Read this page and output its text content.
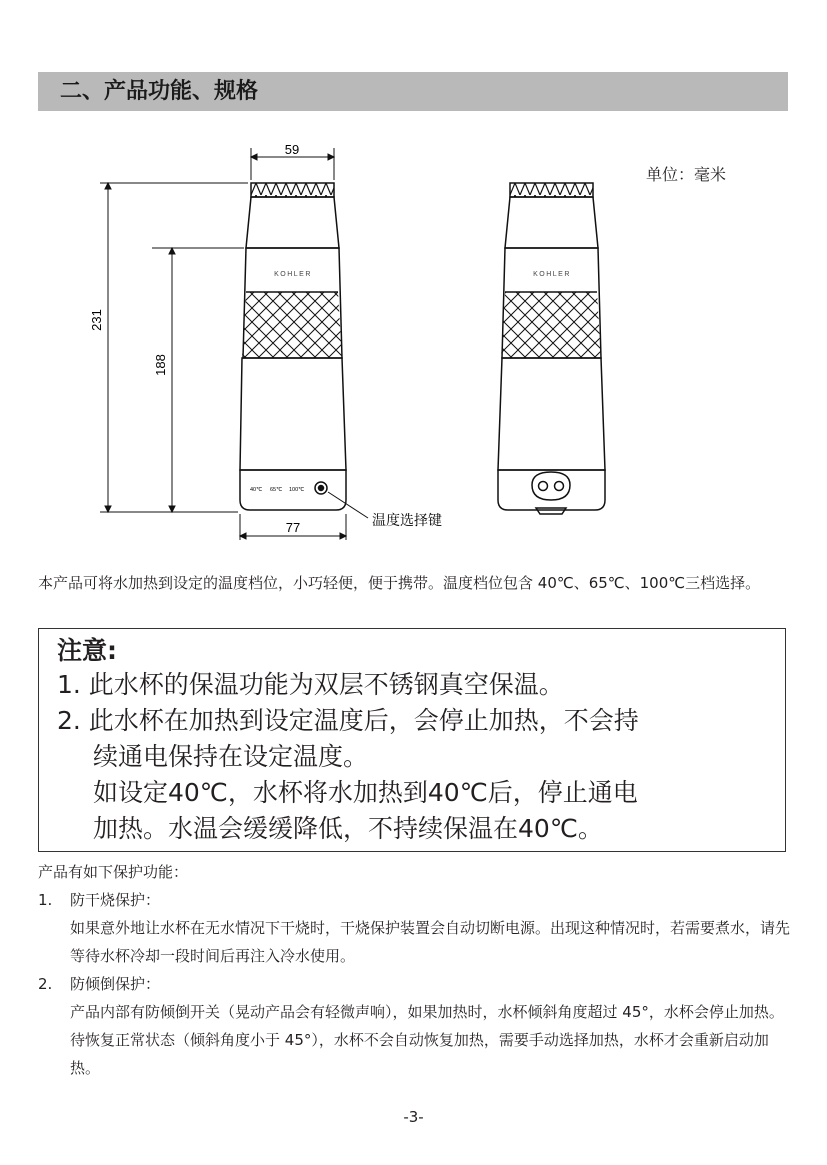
二、产品功能、规格
59
77
231
188
KOHLER	KOHLER
40℃ 65℃ 100℃
温度选择键
单位：毫米
本产品可将水加热到设定的温度档位，小巧轻便，便于携带。温度档位包含 40℃、65℃、100℃三档选择。
注意:
1. 此水杯的保温功能为双层不锈钢真空保温。
2. 此水杯在加热到设定温度后，会停止加热，不会持
续通电保持在设定温度。
如设定40℃，水杯将水加热到40℃后，停止通电
加热。水温会缓缓降低，不持续保温在40℃。
产品有如下保护功能：
1.	防干烧保护：
如果意外地让水杯在无水情况下干烧时，干烧保护装置会自动切断电源。出现这种情况时，若需要煮水，请先等待水杯冷却一段时间后再注入冷水使用。
2.	防倾倒保护：
产品内部有防倾倒开关（晃动产品会有轻微声响），如果加热时，水杯倾斜角度超过 45°，水杯会停止加热。待恢复正常状态（倾斜角度小于 45°），水杯不会自动恢复加热，需要手动选择加热，水杯才会重新启动加热。
-3-
